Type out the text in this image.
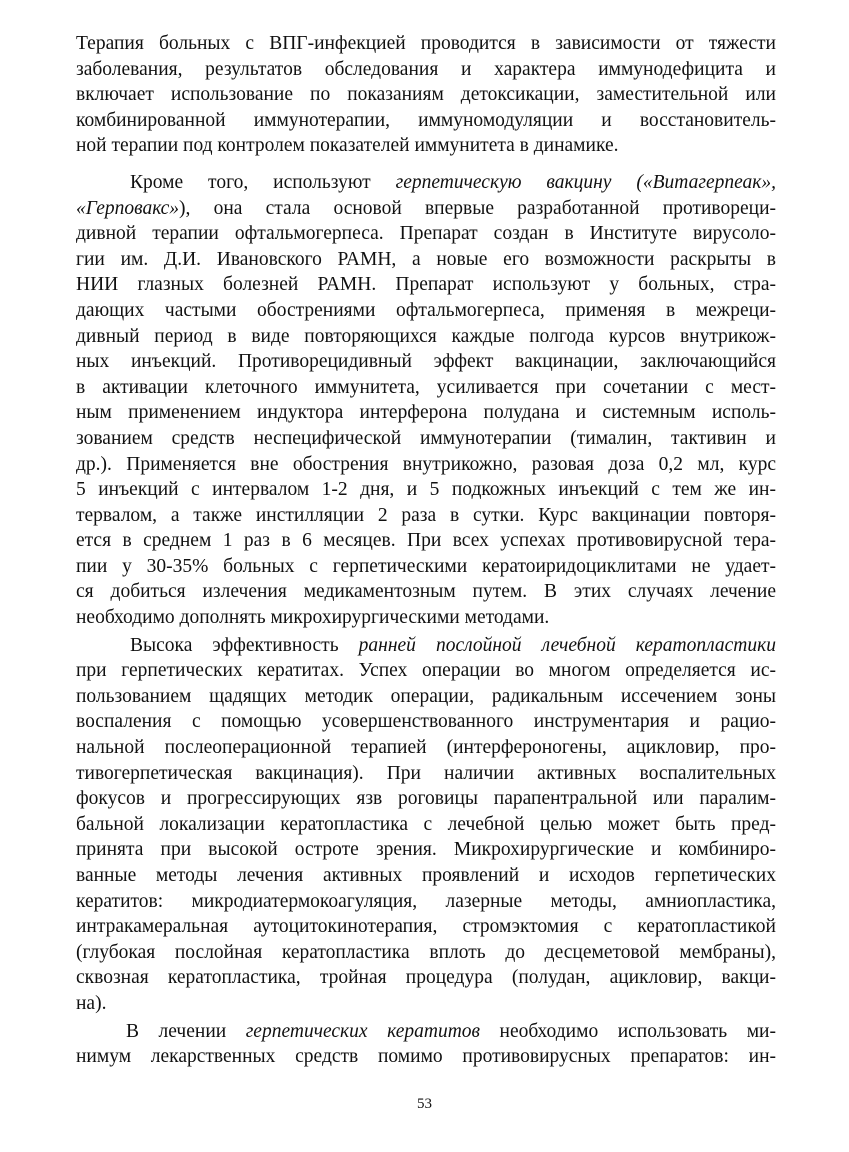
Терапия больных с ВПГ-инфекцией проводится в зависимости от тяжести
заболевания, результатов обследования и характера иммунодефицита и
включает использование по показаниям детоксикации, заместительной или
комбинированной иммунотерапии, иммуномодуляции и восстановитель-
ной терапии под контролем показателей иммунитета в динамике.
Кроме того, используют герпетическую вакцину («Витагерпеак»,
«Герповакс»), она стала основой впервые разработанной противореци-
дивной терапии офтальмогерпеса. Препарат создан в Институте вирусоло-
гии им. Д.И. Ивановского РАМН, а новые его возможности раскрыты в
НИИ глазных болезней РАМН. Препарат используют у больных, стра-
дающих частыми обострениями офтальмогерпеса, применяя в межреци-
дивный период в виде повторяющихся каждые полгода курсов внутрикож-
ных инъекций. Противорецидивный эффект вакцинации, заключающийся
в активации клеточного иммунитета, усиливается при сочетании с мест-
ным применением индуктора интерферона полудана и системным исполь-
зованием средств неспецифической иммунотерапии (тималин, тактивин и
др.). Применяется вне обострения внутрикожно, разовая доза 0,2 мл, курс
5 инъекций с интервалом 1-2 дня, и 5 подкожных инъекций с тем же ин-
тервалом, а также инстилляции 2 раза в сутки. Курс вакцинации повторя-
ется в среднем 1 раз в 6 месяцев. При всех успехах противовирусной тера-
пии у 30-35% больных с герпетическими кератоиридоциклитами не удает-
ся добиться излечения медикаментозным путем. В этих случаях лечение
необходимо дополнять микрохирургическими методами.
Высока эффективность ранней послойной лечебной кератопластики
при герпетических кератитах. Успех операции во многом определяется ис-
пользованием щадящих методик операции, радикальным иссечением зоны
воспаления с помощью усовершенствованного инструментария и рацио-
нальной послеоперационной терапией (интерфероногены, ацикловир, про-
тивогерпетическая вакцинация). При наличии активных воспалительных
фокусов и прогрессирующих язв роговицы парапентральной или паралим-
бальной локализации кератопластика с лечебной целью может быть пред-
принята при высокой остроте зрения. Микрохирургические и комбиниро-
ванные методы лечения активных проявлений и исходов герпетических
кератитов: микродиатермокоагуляция, лазерные методы, амниопластика,
интракамеральная аутоцитокинотерапия, стромэктомия с кератопластикой
(глубокая послойная кератопластика вплоть до десцеметовой мембраны),
сквозная кератопластика, тройная процедура (полудан, ацикловир, вакци-
на).
В лечении герпетических кератитов необходимо использовать ми-
нимум лекарственных средств помимо противовирусных препаратов: ин-
53
